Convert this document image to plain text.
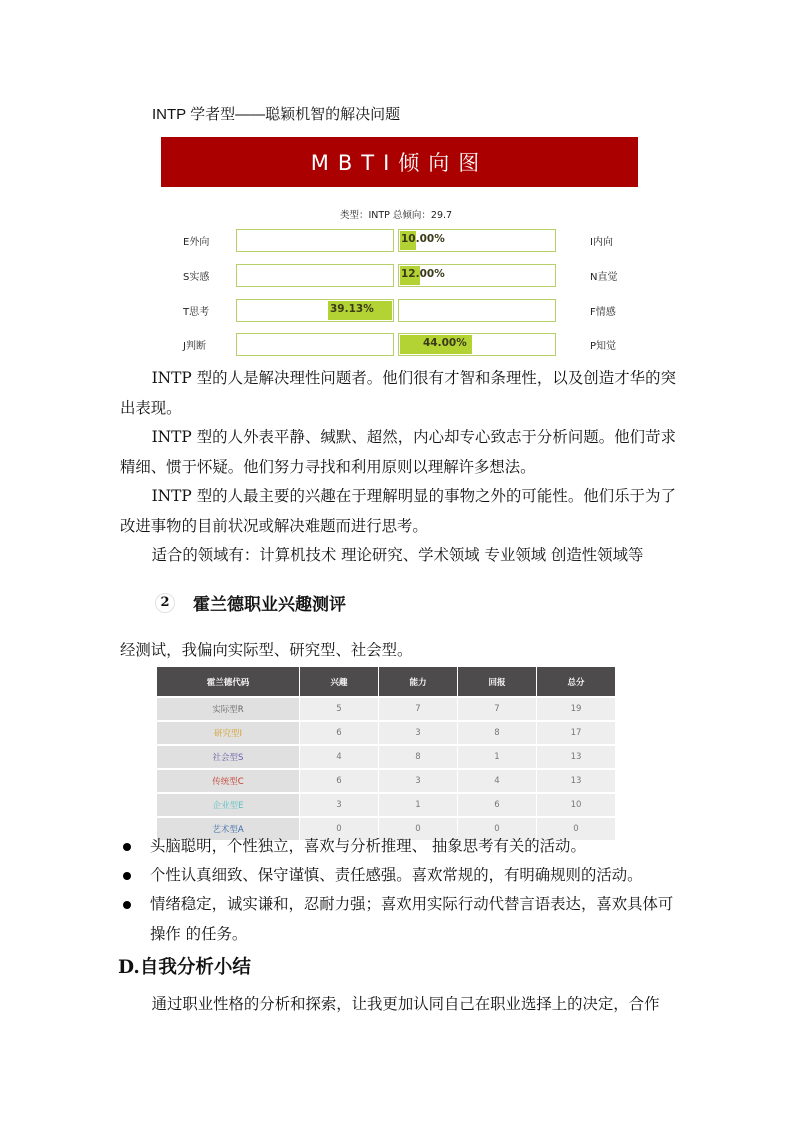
INTP 学者型——聪颖机智的解决问题
MBTI倾向图
类型：INTP 总倾向：29.7
E外向	10.00%	I内向
S实感	12.00%	N直觉
T思考	39.13%	F情感
J判断	44.00%	P知觉
INTP 型的人是解决理性问题者。他们很有才智和条理性，以及创造才华的突出表现。
INTP 型的人外表平静、缄默、超然，内心却专心致志于分析问题。他们苛求精细、惯于怀疑。他们努力寻找和利用原则以理解许多想法。
INTP 型的人最主要的兴趣在于理解明显的事物之外的可能性。他们乐于为了改进事物的目前状况或解决难题而进行思考。
适合的领域有：计算机技术 理论研究、学术领域 专业领域 创造性领域等
2	霍兰德职业兴趣测评
经测试，我偏向实际型、研究型、社会型。
霍兰德代码	兴趣	能力	回报	总分
实际型R	5	7	7	19
研究型I	6	3	8	17
社会型S	4	8	1	13
传统型C	6	3	4	13
企业型E	3	1	6	10
艺术型A	0	0	0	0
头脑聪明，个性独立，喜欢与分析推理、 抽象思考有关的活动。
个性认真细致、保守谨慎、责任感强。喜欢常规的，有明确规则的活动。
情绪稳定，诚实谦和，忍耐力强；喜欢用实际行动代替言语表达，喜欢具体可操作 的任务。
D.自我分析小结
通过职业性格的分析和探索，让我更加认同自己在职业选择上的决定，合作
